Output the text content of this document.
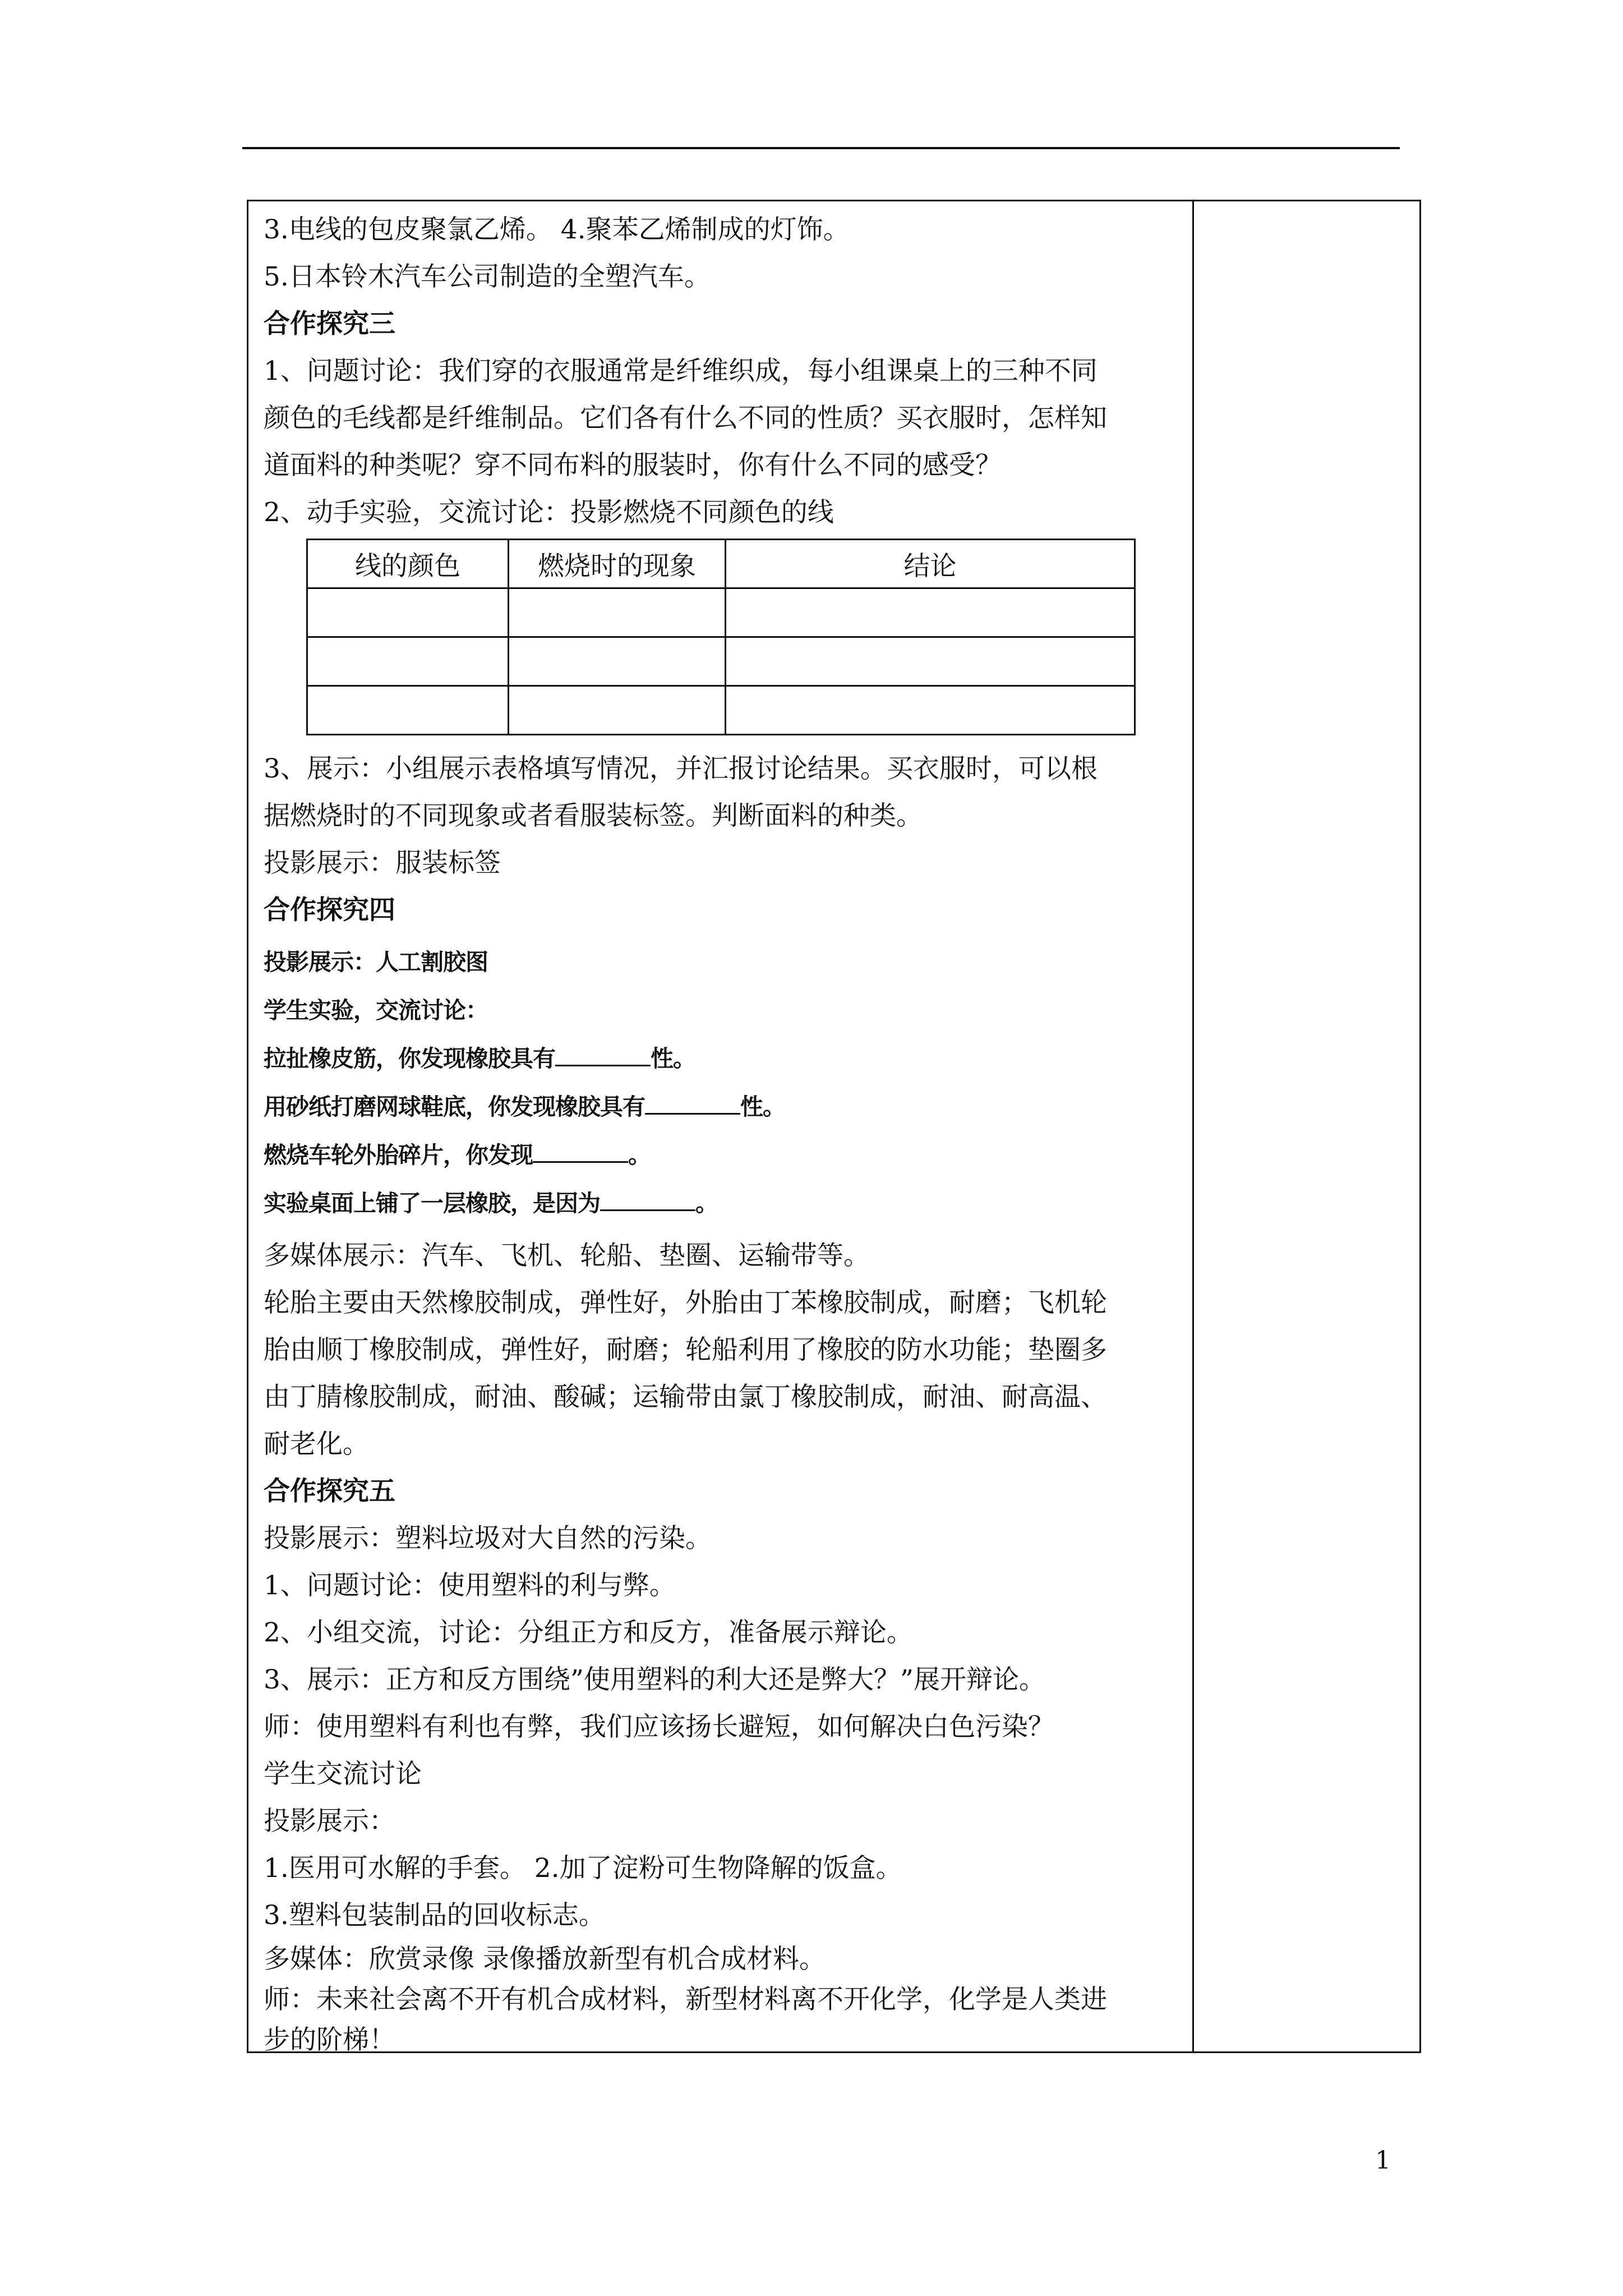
3.电线的包皮聚氯乙烯。 4.聚苯乙烯制成的灯饰。
5.日本铃木汽车公司制造的全塑汽车。
合作探究三
1、问题讨论：我们穿的衣服通常是纤维织成，每小组课桌上的三种不同
颜色的毛线都是纤维制品。它们各有什么不同的性质？买衣服时，怎样知
道面料的种类呢？穿不同布料的服装时，你有什么不同的感受？
2、动手实验，交流讨论：投影燃烧不同颜色的线
线的颜色	燃烧时的现象	结论

3、展示：小组展示表格填写情况，并汇报讨论结果。买衣服时，可以根
据燃烧时的不同现象或者看服装标签。判断面料的种类。
投影展示：服装标签
合作探究四
投影展示：人工割胶图
学生实验，交流讨论：
拉扯橡皮筋，你发现橡胶具有	性。
用砂纸打磨网球鞋底，你发现橡胶具有	性。
燃烧车轮外胎碎片，你发现	。
实验桌面上铺了一层橡胶，是因为	。
多媒体展示：汽车、飞机、轮船、垫圈、运输带等。
轮胎主要由天然橡胶制成，弹性好，外胎由丁苯橡胶制成，耐磨；飞机轮
胎由顺丁橡胶制成，弹性好，耐磨；轮船利用了橡胶的防水功能；垫圈多
由丁腈橡胶制成，耐油、酸碱；运输带由氯丁橡胶制成，耐油、耐高温、
耐老化。
合作探究五
投影展示：塑料垃圾对大自然的污染。
1、问题讨论：使用塑料的利与弊。
2、小组交流，讨论：分组正方和反方，准备展示辩论。
3、展示：正方和反方围绕”使用塑料的利大还是弊大？”展开辩论。
师：使用塑料有利也有弊，我们应该扬长避短，如何解决白色污染？
学生交流讨论
投影展示：
1.医用可水解的手套。 2.加了淀粉可生物降解的饭盒。
3.塑料包装制品的回收标志。
多媒体：欣赏录像 录像播放新型有机合成材料。
师：未来社会离不开有机合成材料，新型材料离不开化学，化学是人类进
步的阶梯！
1
